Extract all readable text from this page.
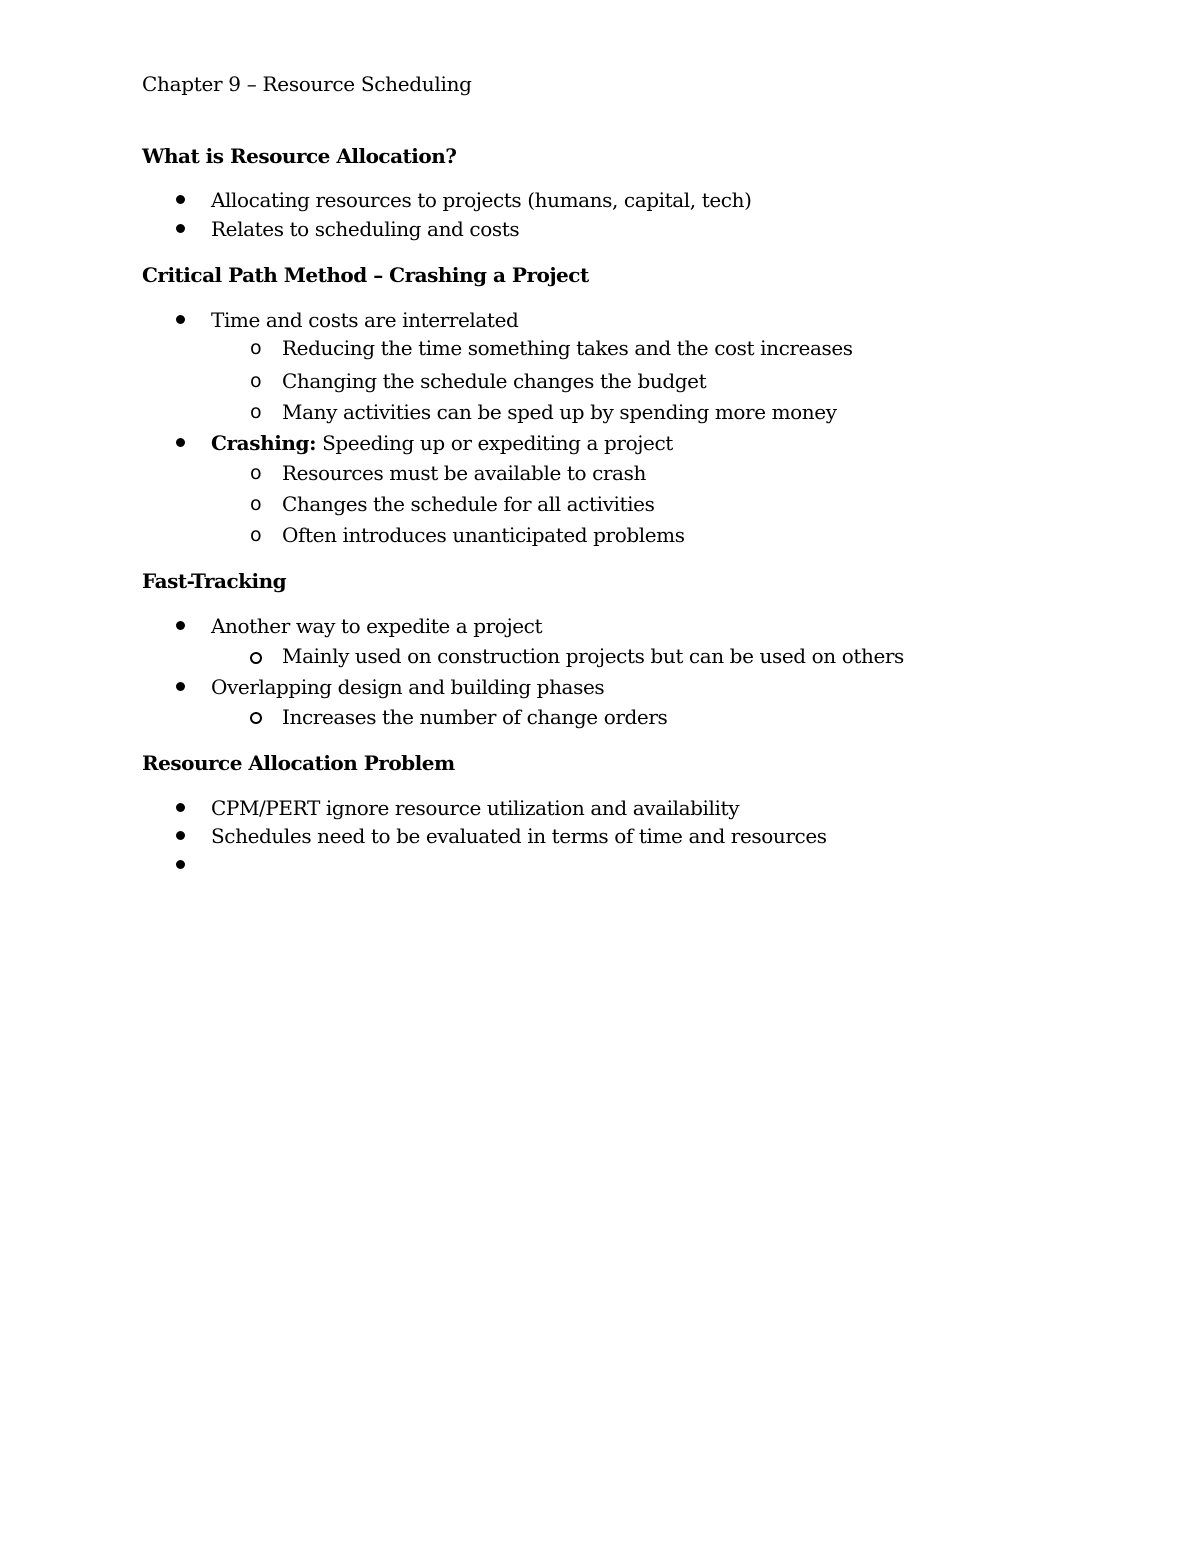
Chapter 9 – Resource Scheduling
What is Resource Allocation?
Allocating resources to projects (humans, capital, tech)
Relates to scheduling and costs
Critical Path Method – Crashing a Project
Time and costs are interrelated
o Reducing the time something takes and the cost increases
o Changing the schedule changes the budget
o Many activities can be sped up by spending more money
Crashing: Speeding up or expediting a project
o Resources must be available to crash
o Changes the schedule for all activities
o Often introduces unanticipated problems
Fast-Tracking
Another way to expedite a project
Mainly used on construction projects but can be used on others
Overlapping design and building phases
Increases the number of change orders
Resource Allocation Problem
CPM/PERT ignore resource utilization and availability
Schedules need to be evaluated in terms of time and resources
